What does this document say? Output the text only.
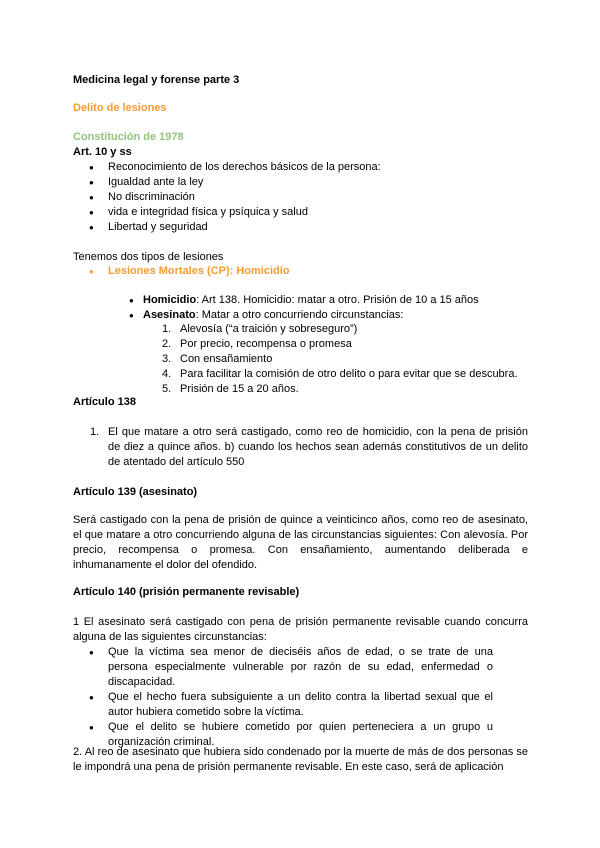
Medicina legal y forense parte 3
Delito de lesiones
Constitución de 1978
Art. 10 y ss
● Reconocimiento de los derechos básicos de la persona:
● Igualdad ante la ley
● No discriminación
● vida e integridad física y psíquica y salud
● Libertad y seguridad
Tenemos dos tipos de lesiones
● Lesiones Mortales (CP): Homicidio
● Homicidio: Art 138. Homicidio: matar a otro. Prisión de 10 a 15 años
● Asesinato: Matar a otro concurriendo circunstancias:
1. Alevosía (“a traición y sobreseguro”)
2. Por precio, recompensa o promesa
3. Con ensañamiento
4. Para facilitar la comisión de otro delito o para evitar que se descubra.
5. Prisión de 15 a 20 años.
Artículo 138
1. El que matare a otro será castigado, como reo de homicidio, con la pena de prisión de diez a quince años. b) cuando los hechos sean además constitutivos de un delito de atentado del artículo 550
Artículo 139 (asesinato)
Será castigado con la pena de prisión de quince a veinticinco años, como reo de asesinato, el que matare a otro concurriendo alguna de las circunstancias siguientes: Con alevosía. Por precio, recompensa o promesa. Con ensañamiento, aumentando deliberada e inhumanamente el dolor del ofendido.
Artículo 140 (prisión permanente revisable)
1 El asesinato será castigado con pena de prisión permanente revisable cuando concurra alguna de las siguientes circunstancias:
● Que la víctima sea menor de dieciséis años de edad, o se trate de una persona especialmente vulnerable por razón de su edad, enfermedad o discapacidad.
● Que el hecho fuera subsiguiente a un delito contra la libertad sexual que el autor hubiera cometido sobre la víctima.
● Que el delito se hubiere cometido por quien perteneciera a un grupo u organización criminal.
2. Al reo de asesinato que hubiera sido condenado por la muerte de más de dos personas se le impondrá una pena de prisión permanente revisable. En este caso, será de aplicación
